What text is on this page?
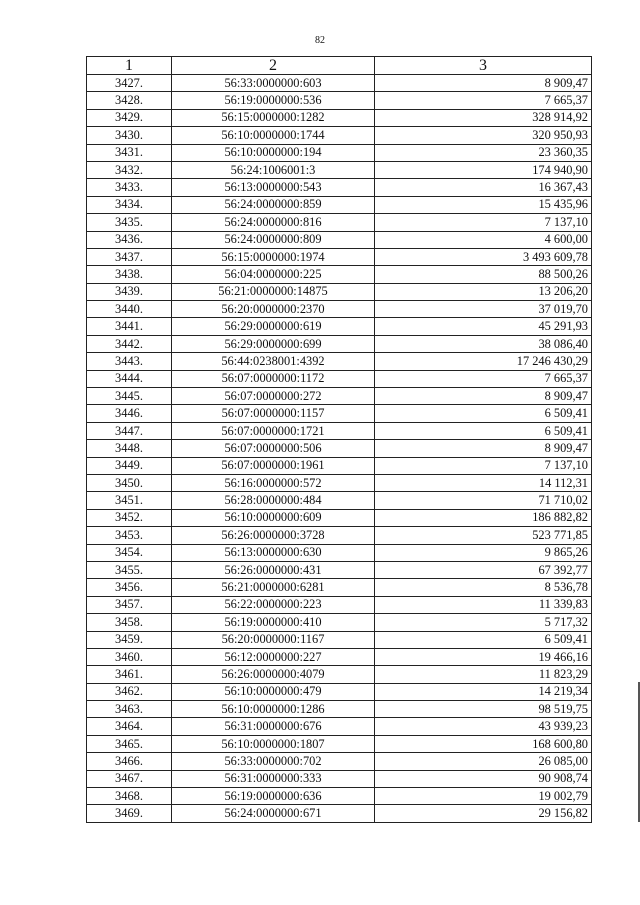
82
1	2	3
3427.	56:33:0000000:603	8 909,47
3428.	56:19:0000000:536	7 665,37
3429.	56:15:0000000:1282	328 914,92
3430.	56:10:0000000:1744	320 950,93
3431.	56:10:0000000:194	23 360,35
3432.	56:24:1006001:3	174 940,90
3433.	56:13:0000000:543	16 367,43
3434.	56:24:0000000:859	15 435,96
3435.	56:24:0000000:816	7 137,10
3436.	56:24:0000000:809	4 600,00
3437.	56:15:0000000:1974	3 493 609,78
3438.	56:04:0000000:225	88 500,26
3439.	56:21:0000000:14875	13 206,20
3440.	56:20:0000000:2370	37 019,70
3441.	56:29:0000000:619	45 291,93
3442.	56:29:0000000:699	38 086,40
3443.	56:44:0238001:4392	17 246 430,29
3444.	56:07:0000000:1172	7 665,37
3445.	56:07:0000000:272	8 909,47
3446.	56:07:0000000:1157	6 509,41
3447.	56:07:0000000:1721	6 509,41
3448.	56:07:0000000:506	8 909,47
3449.	56:07:0000000:1961	7 137,10
3450.	56:16:0000000:572	14 112,31
3451.	56:28:0000000:484	71 710,02
3452.	56:10:0000000:609	186 882,82
3453.	56:26:0000000:3728	523 771,85
3454.	56:13:0000000:630	9 865,26
3455.	56:26:0000000:431	67 392,77
3456.	56:21:0000000:6281	8 536,78
3457.	56:22:0000000:223	11 339,83
3458.	56:19:0000000:410	5 717,32
3459.	56:20:0000000:1167	6 509,41
3460.	56:12:0000000:227	19 466,16
3461.	56:26:0000000:4079	11 823,29
3462.	56:10:0000000:479	14 219,34
3463.	56:10:0000000:1286	98 519,75
3464.	56:31:0000000:676	43 939,23
3465.	56:10:0000000:1807	168 600,80
3466.	56:33:0000000:702	26 085,00
3467.	56:31:0000000:333	90 908,74
3468.	56:19:0000000:636	19 002,79
3469.	56:24:0000000:671	29 156,82
